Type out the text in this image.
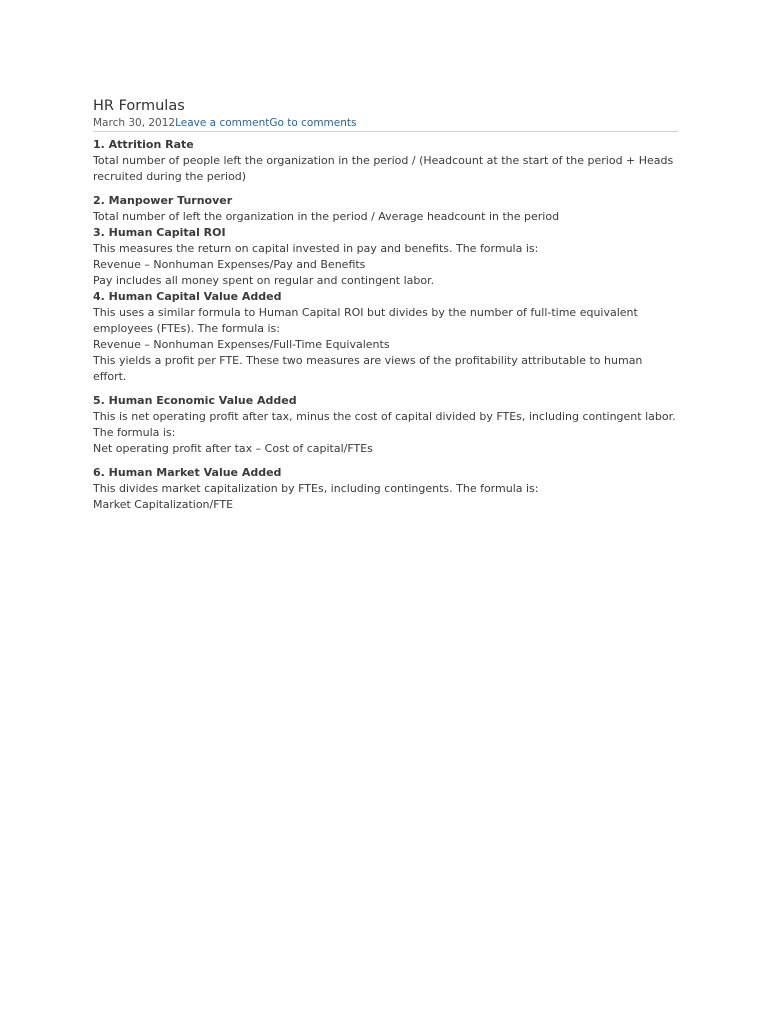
HR Formulas
March 30, 2012Leave a commentGo to comments

1. Attrition Rate

Total number of people left the organization in the period / (Headcount at the start of the period + Heads recruited during the period)

2. Manpower Turnover

Total number of left the organization in the period / Average headcount in the period

3. Human Capital ROI

This measures the return on capital invested in pay and benefits. The formula is:

Revenue – Nonhuman Expenses/Pay and Benefits

Pay includes all money spent on regular and contingent labor.

4. Human Capital Value Added

This uses a similar formula to Human Capital ROI but divides by the number of full-time equivalent employees (FTEs). The formula is:

Revenue – Nonhuman Expenses/Full-Time Equivalents

This yields a profit per FTE. These two measures are views of the profitability attributable to human effort.

5. Human Economic Value Added

This is net operating profit after tax, minus the cost of capital divided by FTEs, including contingent labor. The formula is:

Net operating profit after tax – Cost of capital/FTEs

6. Human Market Value Added

This divides market capitalization by FTEs, including contingents. The formula is:

Market Capitalization/FTE
